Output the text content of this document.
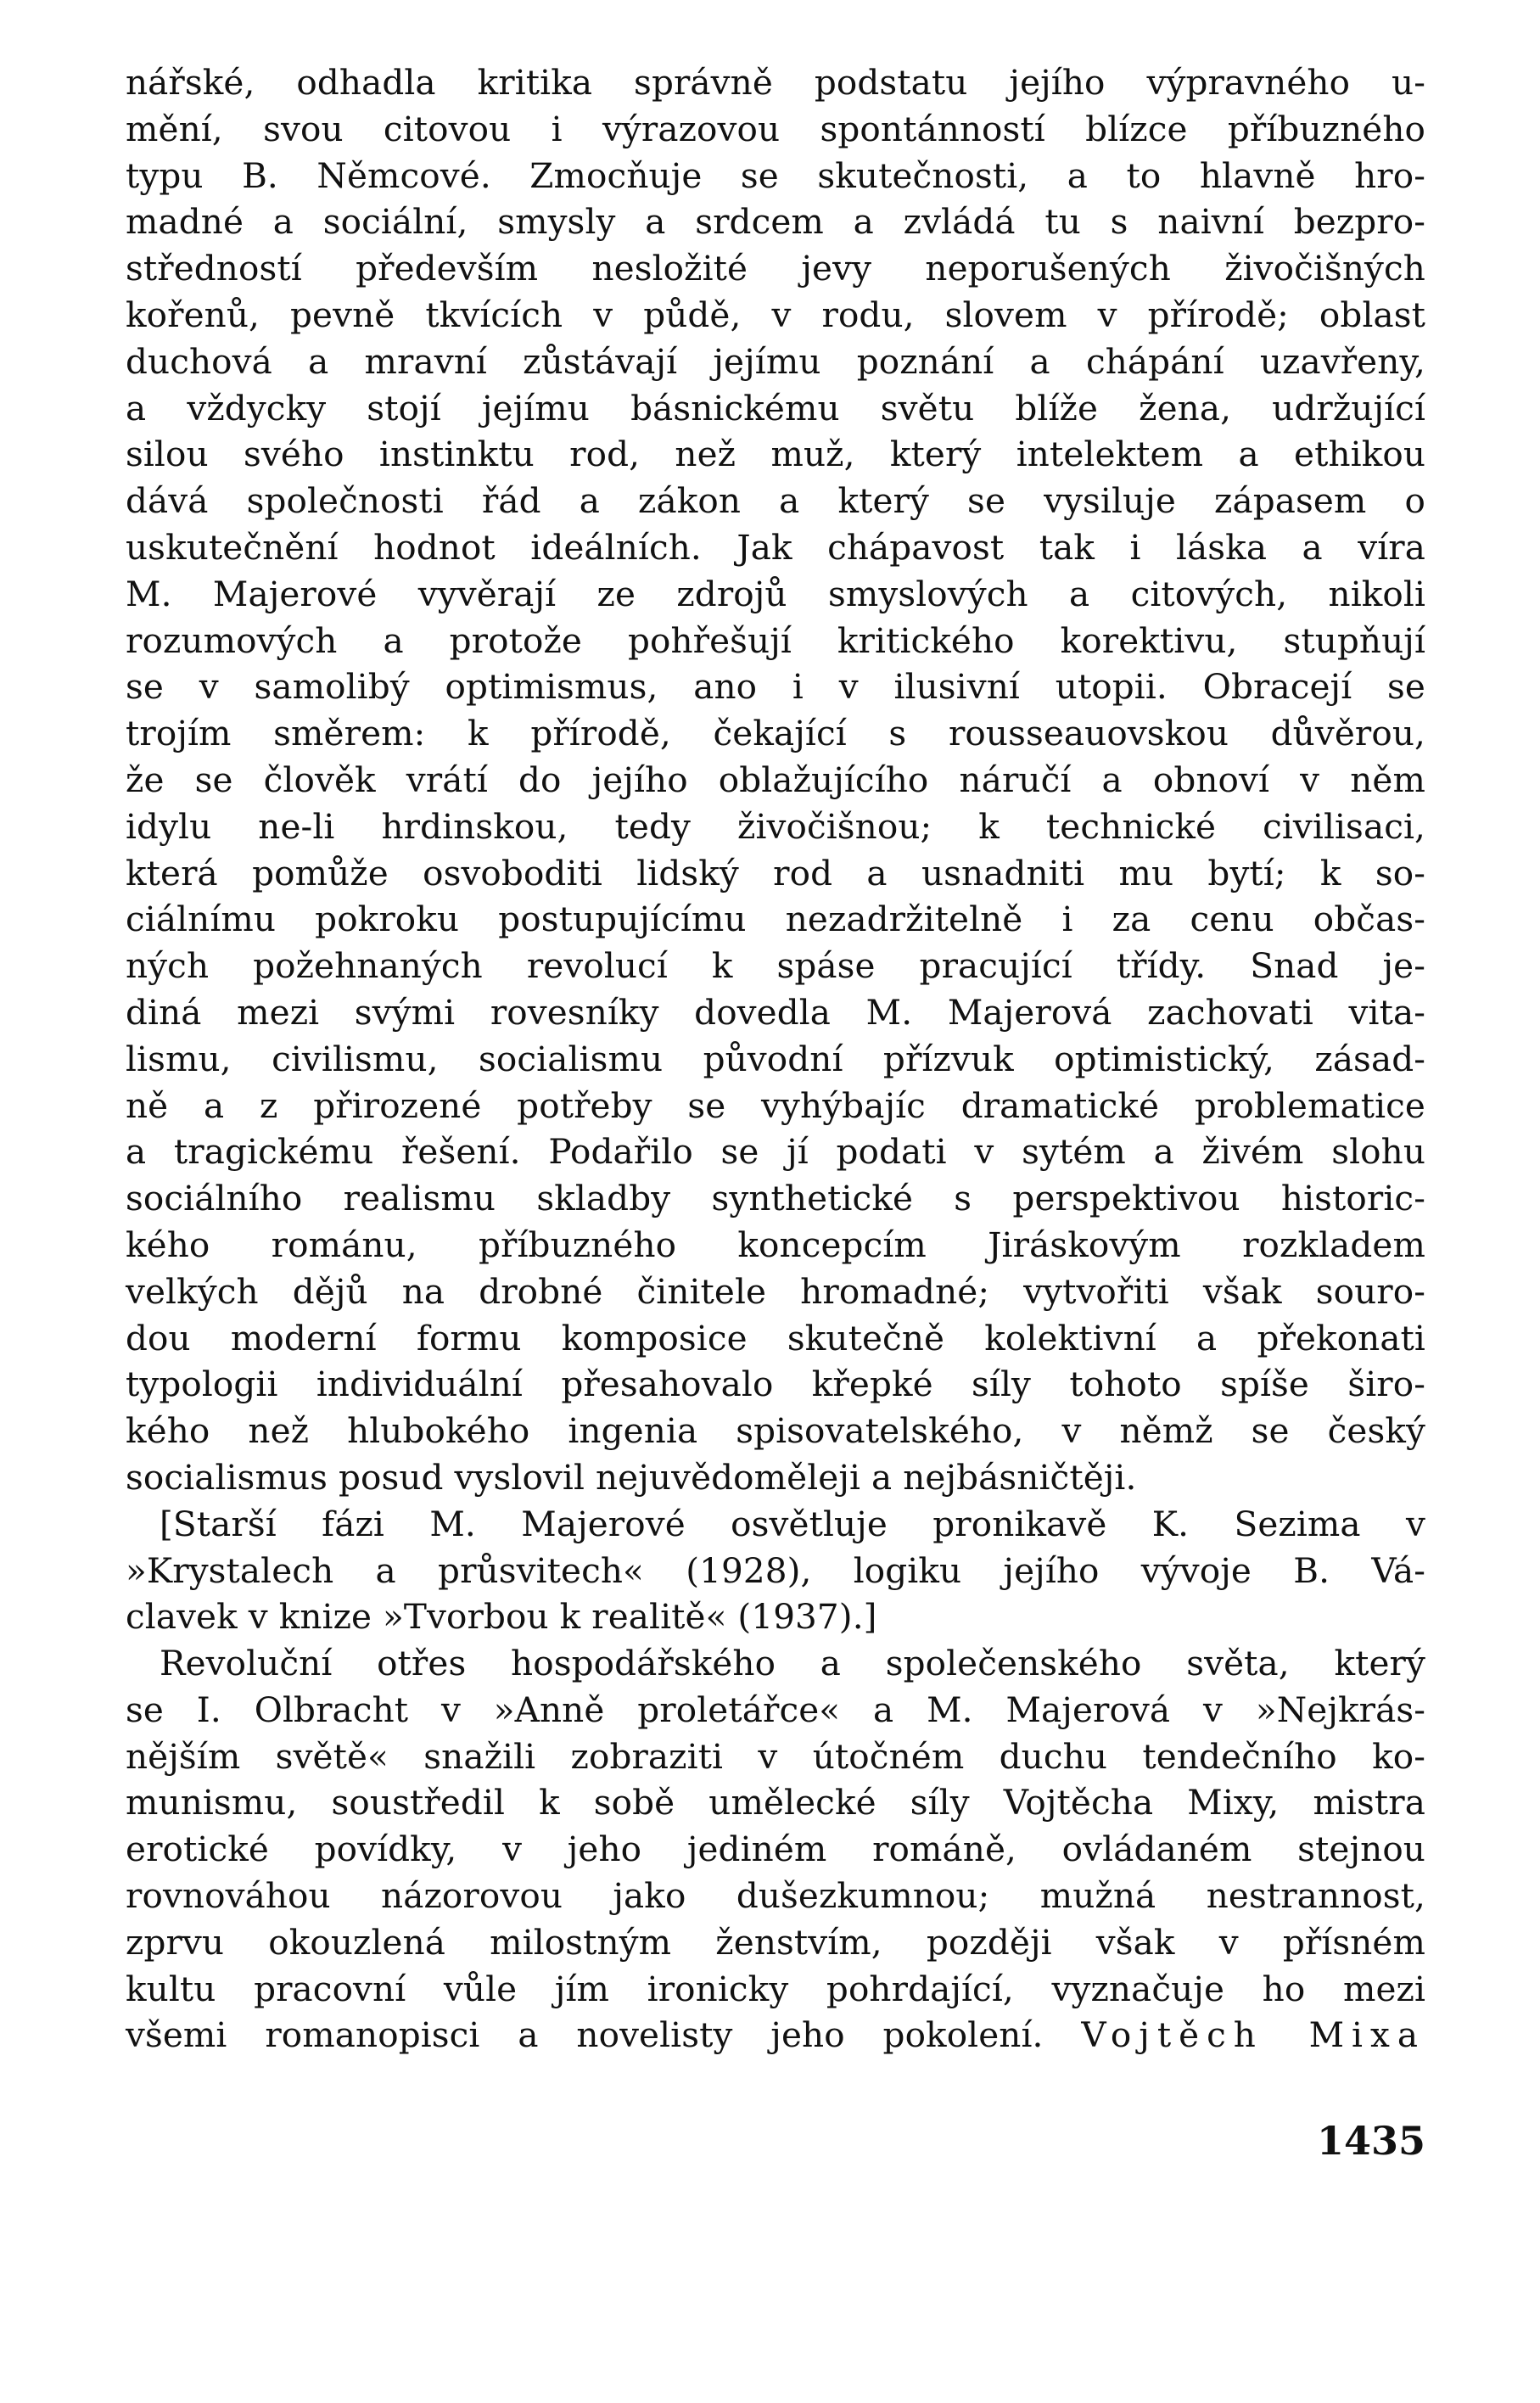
nářské, odhadla kritika správně podstatu jejího výpravného u-
mění, svou citovou i výrazovou spontánností blízce příbuzného
typu B. Němcové. Zmocňuje se skutečnosti, a to hlavně hro-
madné a sociální, smysly a srdcem a zvládá tu s naivní bezpro-
středností především nesložité jevy neporušených živočišných
kořenů, pevně tkvících v půdě, v rodu, slovem v přírodě; oblast
duchová a mravní zůstávají jejímu poznání a chápání uzavřeny,
a vždycky stojí jejímu básnickému světu blíže žena, udržující
silou svého instinktu rod, než muž, který intelektem a ethikou
dává společnosti řád a zákon a který se vysiluje zápasem o
uskutečnění hodnot ideálních. Jak chápavost tak i láska a víra
M. Majerové vyvěrají ze zdrojů smyslových a citových, nikoli
rozumových a protože pohřešují kritického korektivu, stupňují
se v samolibý optimismus, ano i v ilusivní utopii. Obracejí se
trojím směrem: k přírodě, čekající s rousseauovskou důvěrou,
že se člověk vrátí do jejího oblažujícího náručí a obnoví v něm
idylu ne-li hrdinskou, tedy živočišnou; k technické civilisaci,
která pomůže osvoboditi lidský rod a usnadniti mu bytí; k so-
ciálnímu pokroku postupujícímu nezadržitelně i za cenu občas-
ných požehnaných revolucí k spáse pracující třídy. Snad je-
diná mezi svými rovesníky dovedla M. Majerová zachovati vita-
lismu, civilismu, socialismu původní přízvuk optimistický, zásad-
ně a z přirozené potřeby se vyhýbajíc dramatické problematice
a tragickému řešení. Podařilo se jí podati v sytém a živém slohu
sociálního realismu skladby synthetické s perspektivou historic-
kého románu, příbuzného koncepcím Jiráskovým rozkladem
velkých dějů na drobné činitele hromadné; vytvořiti však souro-
dou moderní formu komposice skutečně kolektivní a překonati
typologii individuální přesahovalo křepké síly tohoto spíše širo-
kého než hlubokého ingenia spisovatelského, v němž se český
socialismus posud vyslovil nejuvědoměleji a nejbásničtěji.
[Starší fázi M. Majerové osvětluje pronikavě K. Sezima v
»Krystalech a průsvitech« (1928), logiku jejího vývoje B. Vá-
clavek v knize »Tvorbou k realitě« (1937).]
Revoluční otřes hospodářského a společenského světa, který
se I. Olbracht v »Anně proletářce« a M. Majerová v »Nejkrás-
nějším světě« snažili zobraziti v útočném duchu tendečního ko-
munismu, soustředil k sobě umělecké síly Vojtěcha Mixy, mistra
erotické povídky, v jeho jediném románě, ovládaném stejnou
rovnováhou názorovou jako dušezkumnou; mužná nestrannost,
zprvu okouzlená milostným ženstvím, později však v přísném
kultu pracovní vůle jím ironicky pohrdající, vyznačuje ho mezi
všemi romanopisci a novelisty jeho pokolení. Vojtěch Mixa
1435
